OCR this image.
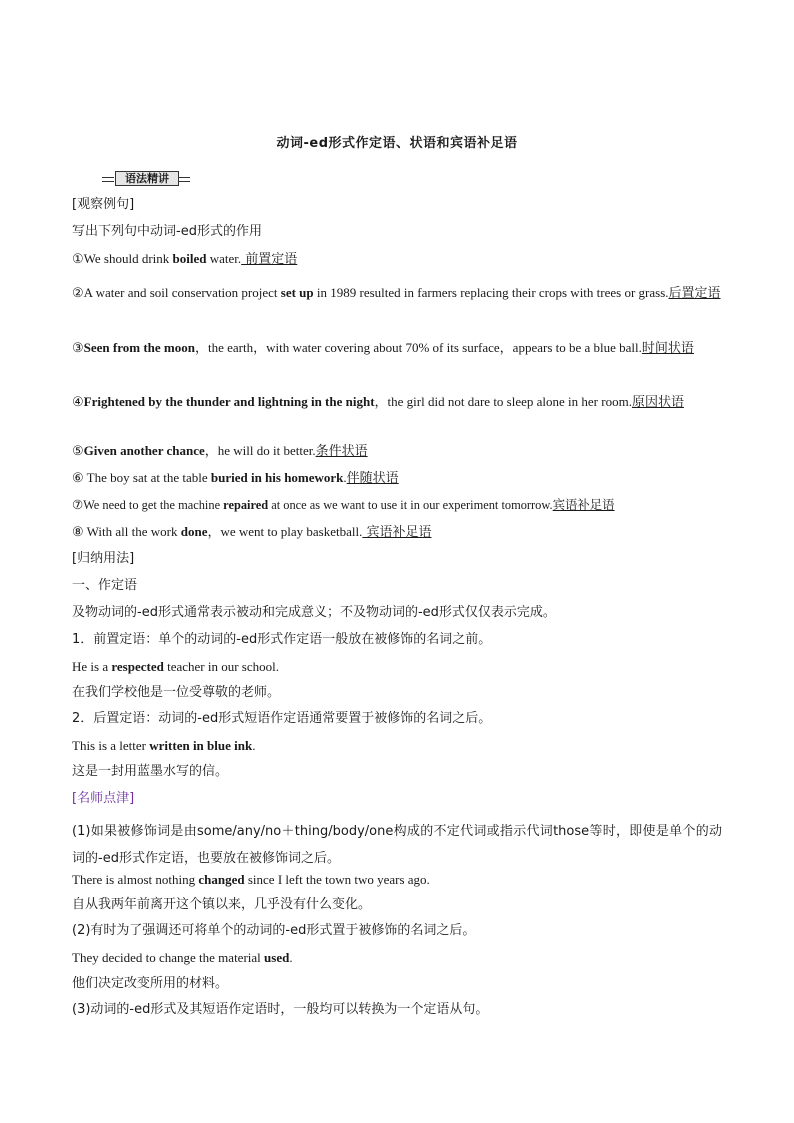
动词-ed形式作定语、状语和宾语补足语
语法精讲
[观察例句]
写出下列句中动词-ed形式的作用
①We should drink boiled water. 前置定语
②A water and soil conservation project set up in 1989 resulted in farmers replacing their crops with trees or grass.后置定语
③Seen from the moon，the earth，with water covering about 70% of its surface，appears to be a blue ball.时间状语
④Frightened by the thunder and lightning in the night，the girl did not dare to sleep alone in her room.原因状语
⑤Given another chance，he will do it better.条件状语
⑥ The boy sat at the table buried in his homework.伴随状语
⑦We need to get the machine repaired at once as we want to use it in our experiment tomorrow.宾语补足语
⑧ With all the work done，we went to play basketball. 宾语补足语
[归纳用法]
一、作定语
及物动词的-ed形式通常表示被动和完成意义；不及物动词的-ed形式仅仅表示完成。
1．前置定语：单个的动词的-ed形式作定语一般放在被修饰的名词之前。
He is a respected teacher in our school.
在我们学校他是一位受尊敬的老师。
2．后置定语：动词的-ed形式短语作定语通常要置于被修饰的名词之后。
This is a letter written in blue ink.
这是一封用蓝墨水写的信。
[名师点津]
(1)如果被修饰词是由some/any/no＋thing/body/one构成的不定代词或指示代词those等时，即使是单个的动词的-ed形式作定语，也要放在被修饰词之后。
There is almost nothing changed since I left the town two years ago.
自从我两年前离开这个镇以来，几乎没有什么变化。
(2)有时为了强调还可将单个的动词的-ed形式置于被修饰的名词之后。
They decided to change the material used.
他们决定改变所用的材料。
(3)动词的-ed形式及其短语作定语时，一般均可以转换为一个定语从句。
